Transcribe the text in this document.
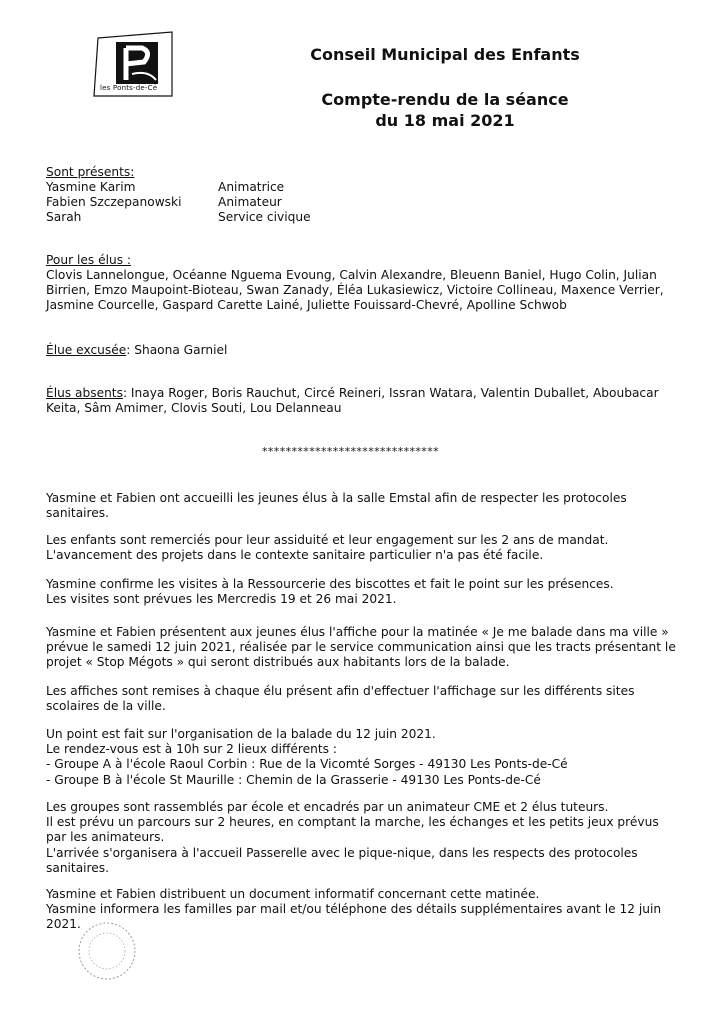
les Ponts-de-Cé
Conseil Municipal des Enfants
Compte-rendu de la séance
du 18 mai 2021
Sont présents:
Yasmine Karim	Animatrice
Fabien Szczepanowski	Animateur
Sarah	Service civique
Pour les élus :
Clovis Lannelongue, Océanne Nguema Evoung, Calvin Alexandre, Bleuenn Baniel, Hugo Colin, Julian
Birrien, Emzo Maupoint-Bioteau, Swan Zanady, Éléa Lukasiewicz, Victoire Collineau, Maxence Verrier,
Jasmine Courcelle, Gaspard Carette Lainé, Juliette Fouissard-Chevré, Apolline Schwob
Élue excusée: Shaona Garniel
Élus absents: Inaya Roger, Boris Rauchut, Circé Reineri, Issran Watara, Valentin Duballet, Aboubacar
Keita, Sâm Amimer, Clovis Souti, Lou Delanneau
******************************
Yasmine et Fabien ont accueilli les jeunes élus à la salle Emstal afin de respecter les protocoles
sanitaires.
Les enfants sont remerciés pour leur assiduité et leur engagement sur les 2 ans de mandat.
L'avancement des projets dans le contexte sanitaire particulier n'a pas été facile.
Yasmine confirme les visites à la Ressourcerie des biscottes et fait le point sur les présences.
Les visites sont prévues les Mercredis 19 et 26 mai 2021.
Yasmine et Fabien présentent aux jeunes élus l'affiche pour la matinée « Je me balade dans ma ville »
prévue le samedi 12 juin 2021, réalisée par le service communication ainsi que les tracts présentant le
projet « Stop Mégots » qui seront distribués aux habitants lors de la balade.
Les affiches sont remises à chaque élu présent afin d'effectuer l'affichage sur les différents sites
scolaires de la ville.
Un point est fait sur l'organisation de la balade du 12 juin 2021.
Le rendez-vous est à 10h sur 2 lieux différents :
- Groupe A à l'école Raoul Corbin : Rue de la Vicomté Sorges - 49130 Les Ponts-de-Cé
- Groupe B à l'école St Maurille : Chemin de la Grasserie - 49130 Les Ponts-de-Cé
Les groupes sont rassemblés par école et encadrés par un animateur CME et 2 élus tuteurs.
Il est prévu un parcours sur 2 heures, en comptant la marche, les échanges et les petits jeux prévus
par les animateurs.
L'arrivée s'organisera à l'accueil Passerelle avec le pique-nique, dans les respects des protocoles
sanitaires.
Yasmine et Fabien distribuent un document informatif concernant cette matinée.
Yasmine informera les familles par mail et/ou téléphone des détails supplémentaires avant le 12 juin
2021.
